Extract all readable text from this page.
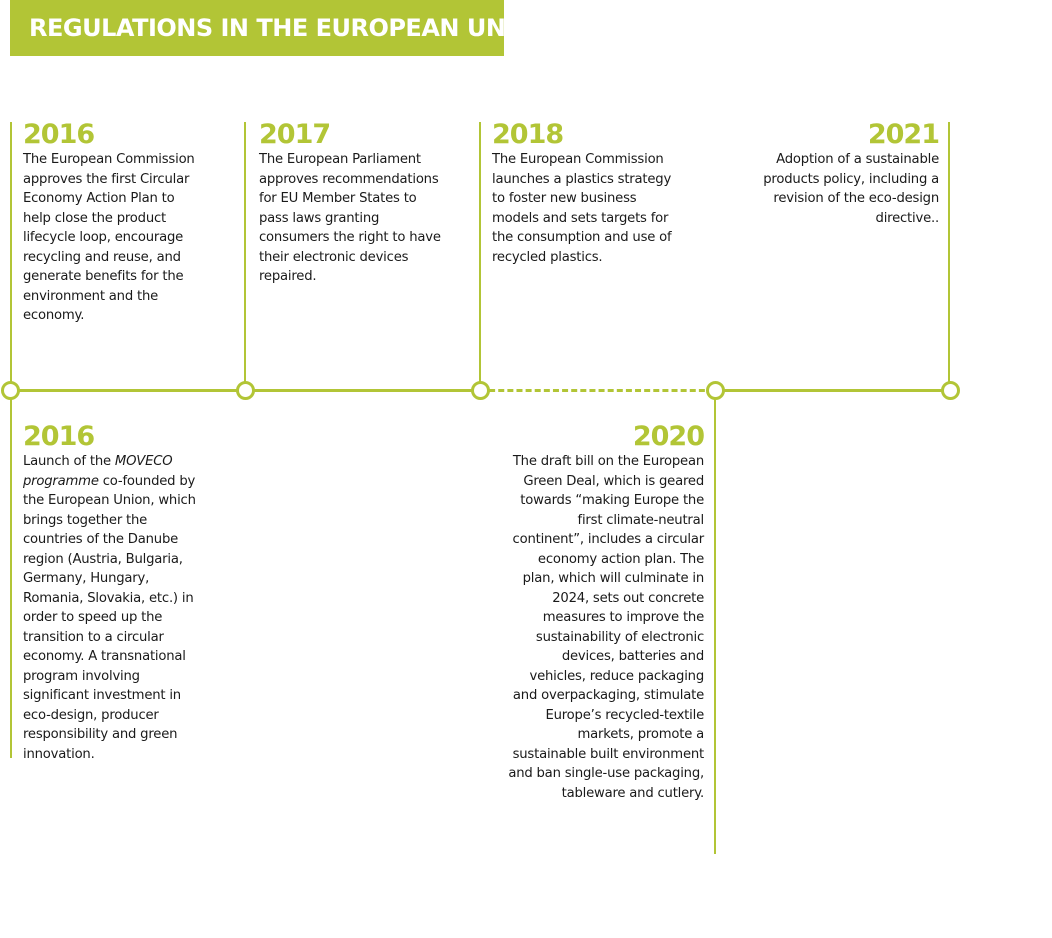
REGULATIONS IN THE EUROPEAN UNION
2016
The European Commission approves the first Circular Economy Action Plan to help close the product lifecycle loop, encourage recycling and reuse, and generate benefits for the environment and the economy.
2017
The European Parliament approves recommendations for EU Member States to pass laws granting consumers the right to have their electronic devices repaired.
2018
The European Commission launches a plastics strategy to foster new business models and sets targets for the consumption and use of recycled plastics.
2021
Adoption of a sustainable products policy, including a revision of the eco-design directive..
2016
Launch of the MOVECO programme co-founded by the European Union, which brings together the countries of the Danube region (Austria, Bulgaria, Germany, Hungary, Romania, Slovakia, etc.) in order to speed up the transition to a circular economy. A transnational program involving significant investment in eco-design, producer responsibility and green innovation.
2020
The draft bill on the European Green Deal, which is geared towards “making Europe the first climate-neutral continent”, includes a circular economy action plan. The plan, which will culminate in 2024, sets out concrete measures to improve the sustainability of electronic devices, batteries and vehicles, reduce packaging and overpackaging, stimulate Europe’s recycled-textile markets, promote a sustainable built environment and ban single-use packaging, tableware and cutlery.
